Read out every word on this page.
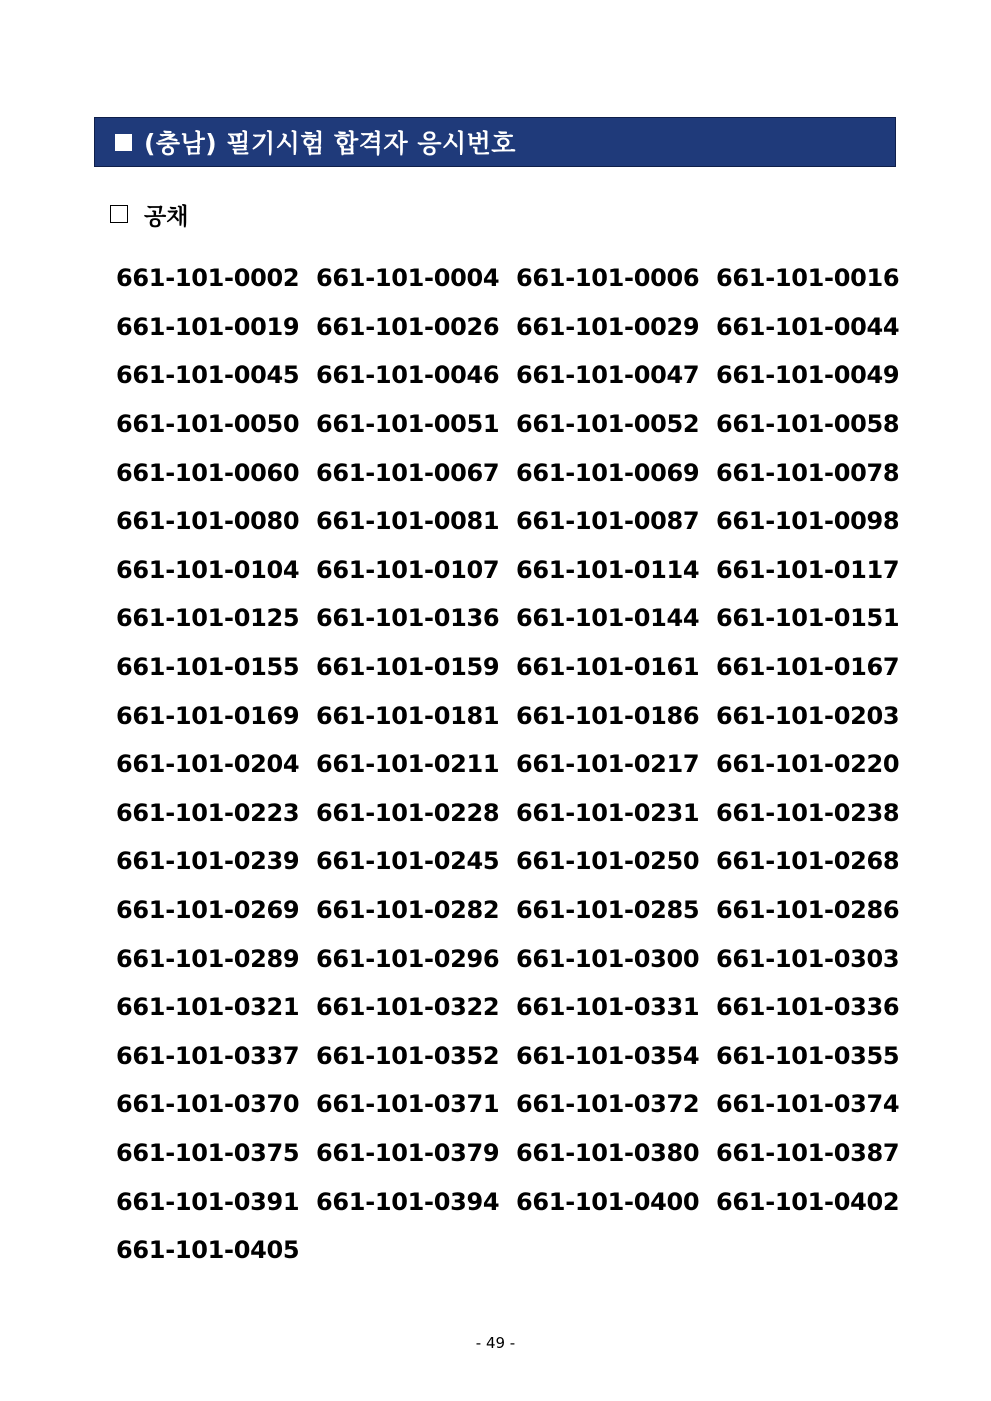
(충남) 필기시험 합격자 응시번호
공채
661-101-0002 661-101-0004 661-101-0006 661-101-0016
661-101-0019 661-101-0026 661-101-0029 661-101-0044
661-101-0045 661-101-0046 661-101-0047 661-101-0049
661-101-0050 661-101-0051 661-101-0052 661-101-0058
661-101-0060 661-101-0067 661-101-0069 661-101-0078
661-101-0080 661-101-0081 661-101-0087 661-101-0098
661-101-0104 661-101-0107 661-101-0114 661-101-0117
661-101-0125 661-101-0136 661-101-0144 661-101-0151
661-101-0155 661-101-0159 661-101-0161 661-101-0167
661-101-0169 661-101-0181 661-101-0186 661-101-0203
661-101-0204 661-101-0211 661-101-0217 661-101-0220
661-101-0223 661-101-0228 661-101-0231 661-101-0238
661-101-0239 661-101-0245 661-101-0250 661-101-0268
661-101-0269 661-101-0282 661-101-0285 661-101-0286
661-101-0289 661-101-0296 661-101-0300 661-101-0303
661-101-0321 661-101-0322 661-101-0331 661-101-0336
661-101-0337 661-101-0352 661-101-0354 661-101-0355
661-101-0370 661-101-0371 661-101-0372 661-101-0374
661-101-0375 661-101-0379 661-101-0380 661-101-0387
661-101-0391 661-101-0394 661-101-0400 661-101-0402
661-101-0405
- 49 -
